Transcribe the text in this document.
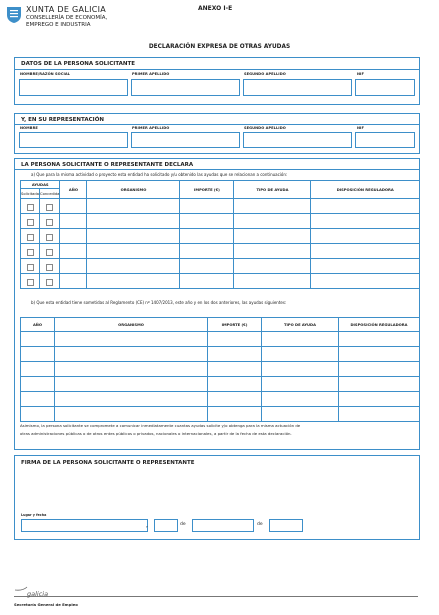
XUNTA DE GALICIA
CONSELLERÍA DE ECONOMÍA,
EMPREGO E INDUSTRIA
ANEXO I-E
DECLARACIÓN EXPRESA DE OTRAS AYUDAS
DATOS DE LA PERSONA SOLICITANTE
NOMBRE/RAZÓN SOCIAL	PRIMER APELLIDO	SEGUNDO APELLIDO	NIF
Y, EN SU REPRESENTACIÓN
NOMBRE	PRIMER APELLIDO	SEGUNDO APELLIDO	NIF
LA PERSONA SOLICITANTE O REPRESENTANTE DECLARA
a) Que para la misma actividad o proyecto esta entidad ha solicitado y/u obtenido las ayudas que se relacionan a continuación:
AYUDAS		AÑO	ORGANISMO	IMPORTE (€)	TIPO DE AYUDA	DISPOSICIÓN REGULADORA
Solicitada	Concedida					

b) Que esta entidad tiene sometidas al Reglamento (CE) nº 1407/2013, este año y en los dos anteriores, las ayudas siguientes:
AÑO	ORGANISMO	IMPORTE (€)	TIPO DE AYUDA	DISPOSICIÓN REGULADORA

Asimismo, la persona solicitante se compromete a comunicar inmediatamente cuantas ayudas solicite y/o obtenga para la misma actuación de
otras administraciones públicas o de otros entes públicos o privados, nacionales o internacionales, a partir de la fecha de esta declaración.
FIRMA DE LA PERSONA SOLICITANTE O REPRESENTANTE
Lugar y fecha
,	de	de
galicia
Secretaría General de Empleo
